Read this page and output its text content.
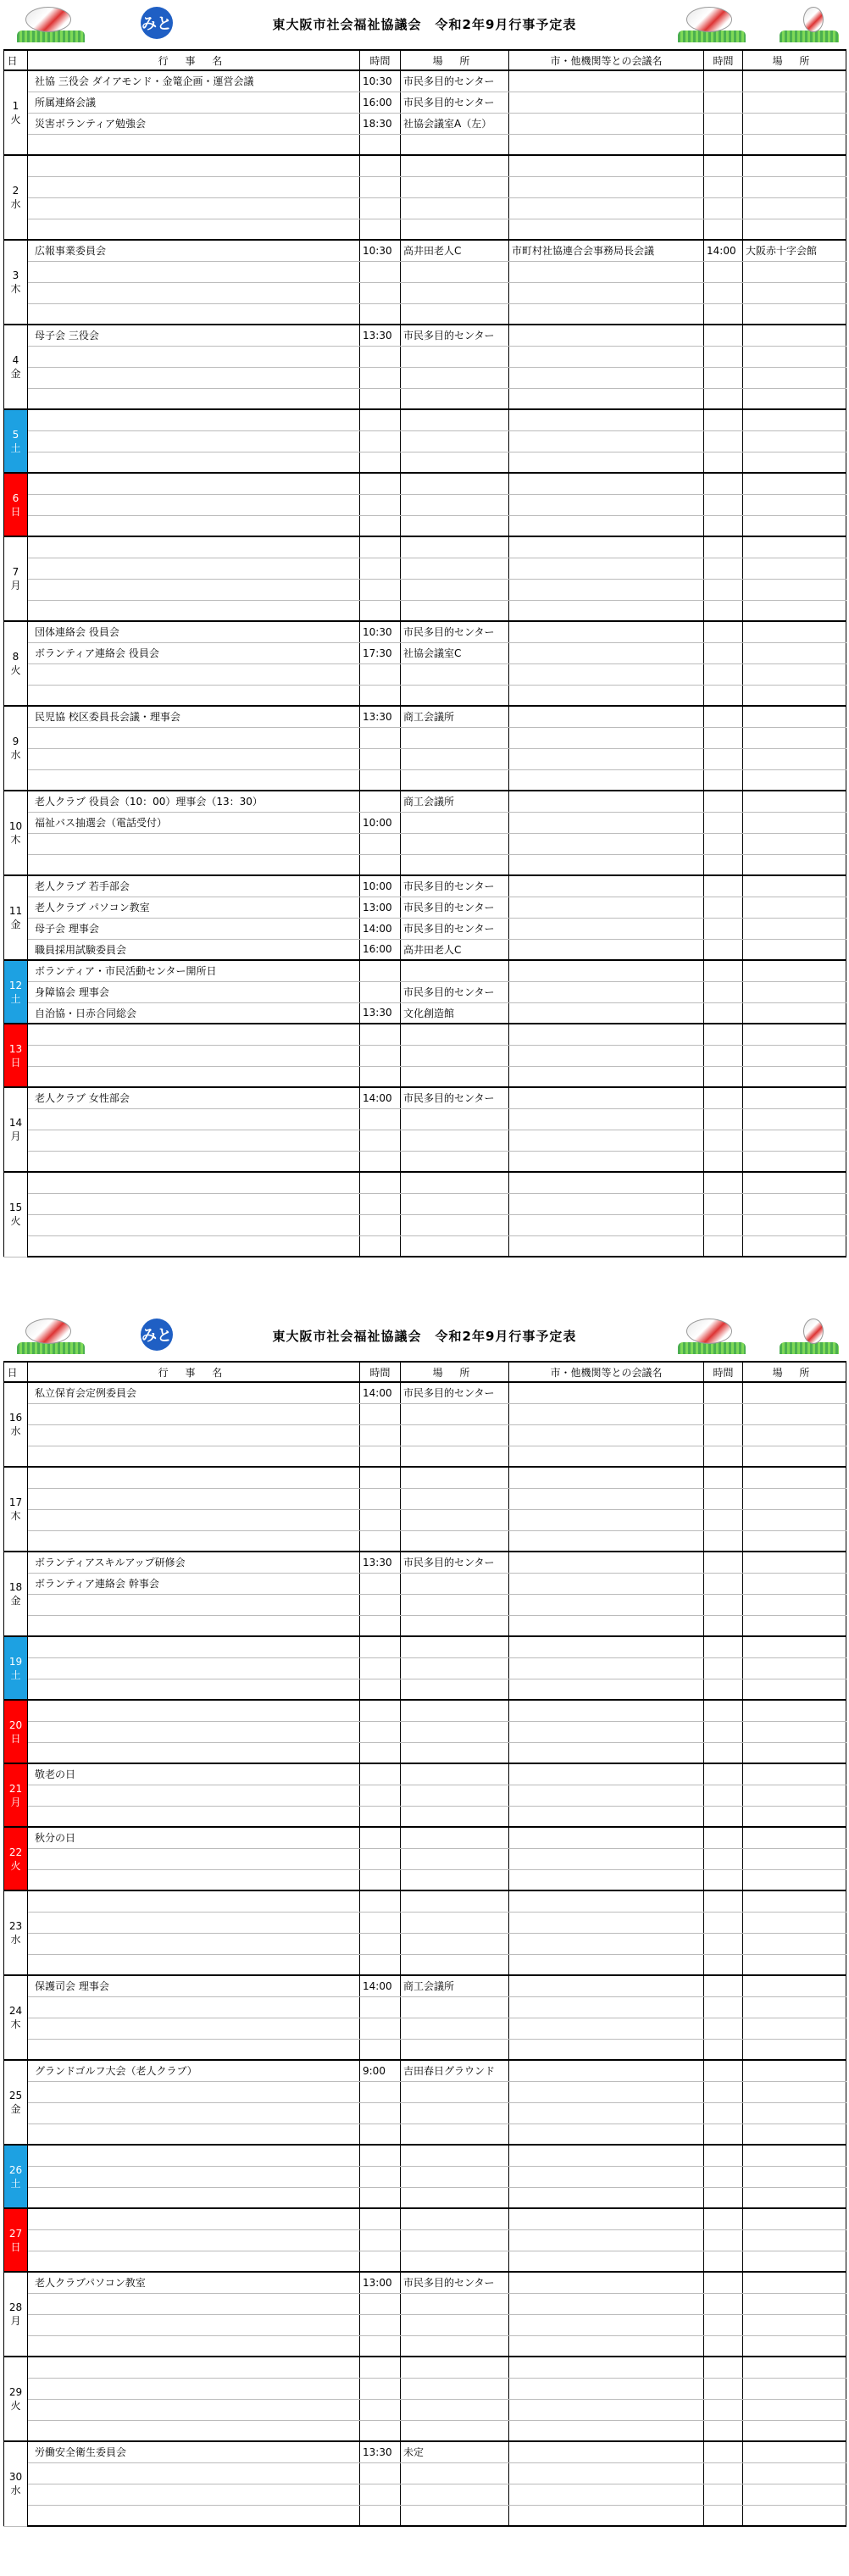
みと	東大阪市社会福祉協議会　令和2年9月行事予定表
日	行 事 名	時間	場 所	市・他機関等との会議名	時間	場 所

1
火	社協 三役会 ダイアモンド・金篭企画・運営会議	10:30	市民多目的センター			
	所属連絡会議	16:00	市民多目的センター			
	災害ボランティア勉強会	18:30	社協会議室A（左）			

2
水						

3
木	広報事業委員会	10:30	高井田老人C	市町村社協連合会事務局長会議	14:00	大阪赤十字会館

4
金	母子会 三役会	13:30	市民多目的センター			

5
土						

6
日						

7
月						

8
火	団体連絡会 役員会	10:30	市民多目的センター			
	ボランティア連絡会 役員会	17:30	社協会議室C			

9
水	民児協 校区委員長会議・理事会	13:30	商工会議所			

10
木	老人クラブ 役員会（10：00）理事会（13：30）		商工会議所			
	福祉バス抽選会（電話受付）	10:00				

11
金	老人クラブ 若手部会	10:00	市民多目的センター			
	老人クラブ パソコン教室	13:00	市民多目的センター			
	母子会 理事会	14:00	市民多目的センター			
	職員採用試験委員会	16:00	高井田老人C			

12
土	ボランティア・市民活動センター開所日					
	身障協会 理事会		市民多目的センター			
	自治協・日赤合同総会	13:30	文化創造館			

13
日						

14
月	老人クラブ 女性部会	14:00	市民多目的センター			

15
火						

みと	東大阪市社会福祉協議会　令和2年9月行事予定表
日	行 事 名	時間	場 所	市・他機関等との会議名	時間	場 所

16
水	私立保育会定例委員会	14:00	市民多目的センター			

17
木						

18
金	ボランティアスキルアップ研修会	13:30	市民多目的センター			
	ボランティア連絡会 幹事会					

19
土						

20
日						

21
月	敬老の日					

22
火	秋分の日					

23
水						

24
木	保護司会 理事会	14:00	商工会議所			

25
金	グランドゴルフ大会（老人クラブ）	9:00	吉田春日グラウンド			

26
土						

27
日						

28
月	老人クラブパソコン教室	13:00	市民多目的センター			

29
火						

30
水	労働安全衛生委員会	13:30	未定			
